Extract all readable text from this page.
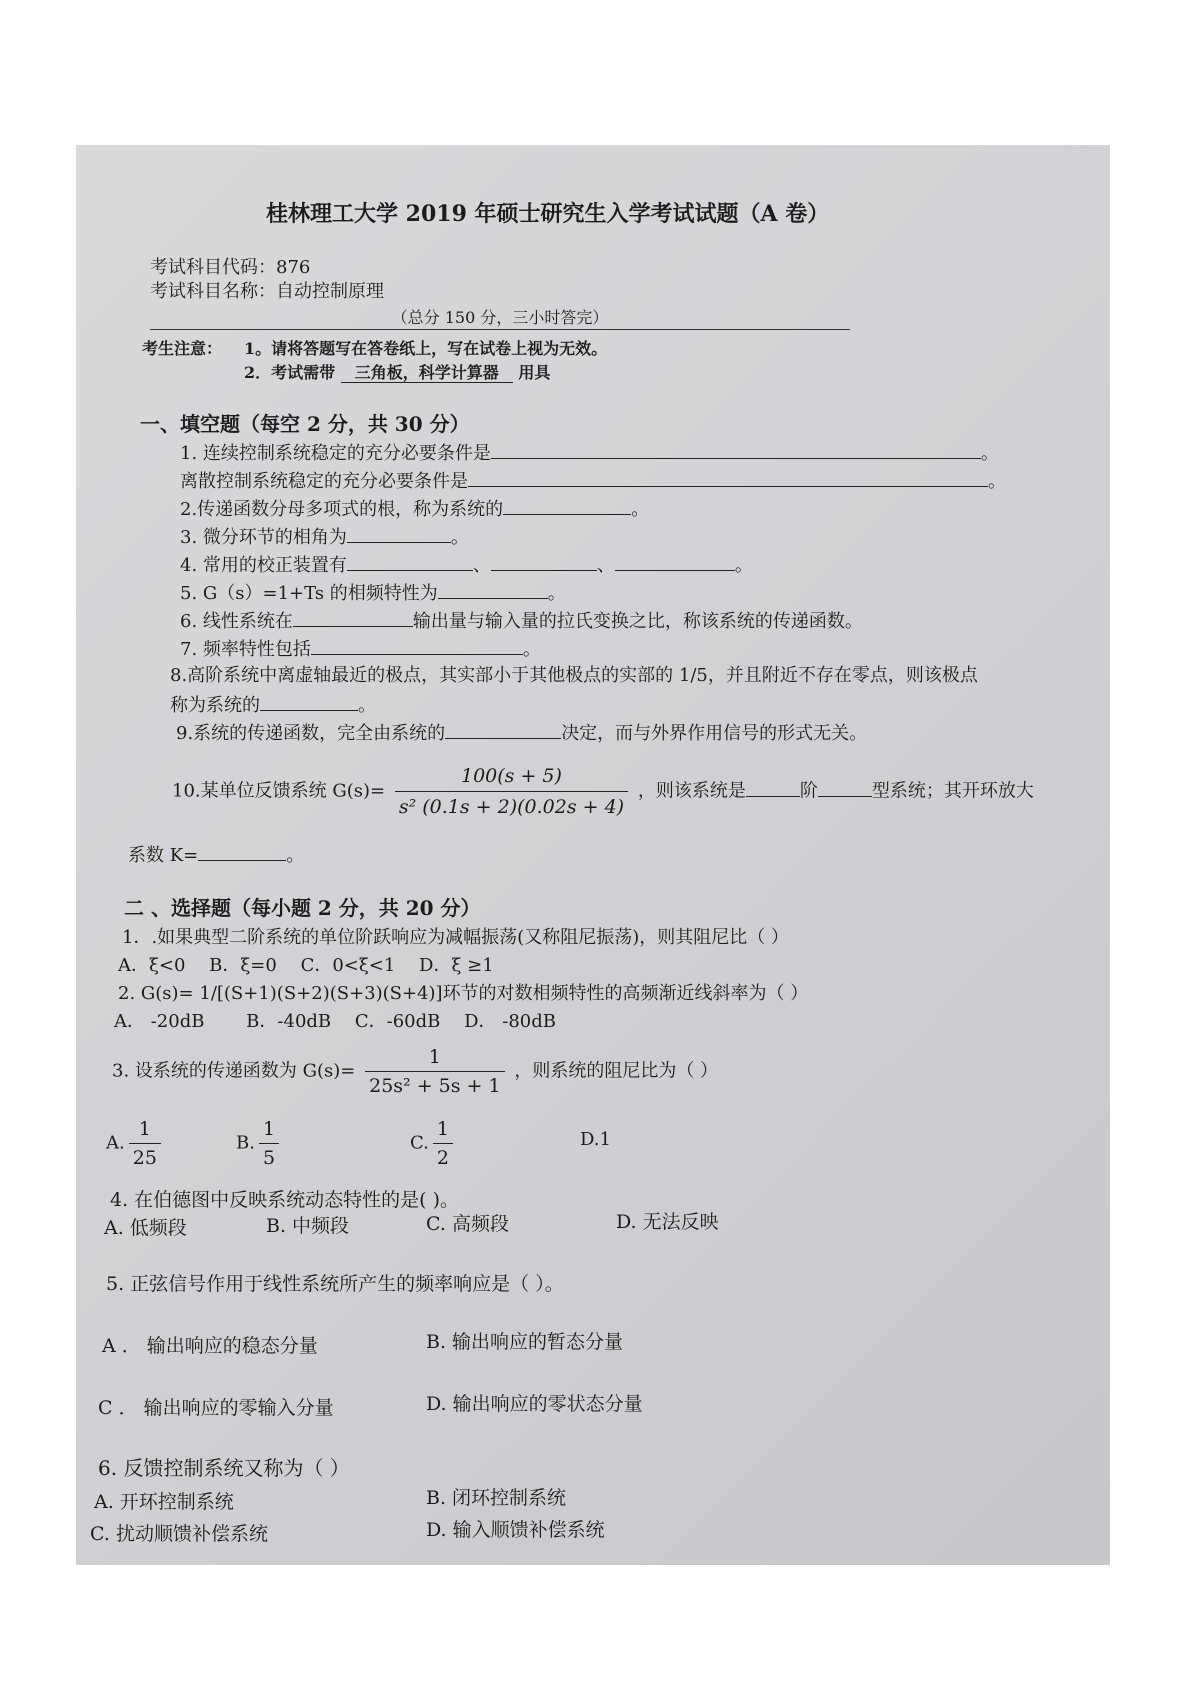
桂林理工大学 2019 年硕士研究生入学考试试题（A 卷）
考试科目代码：876
考试科目名称：自动控制原理
（总分 150 分，三小时答完）
考生注意： 1。请将答题写在答卷纸上，写在试卷上视为无效。
2．考试需带 三角板，科学计算器 用具
一、填空题（每空 2 分，共 30 分）
1. 连续控制系统稳定的充分必要条件是	。
离散控制系统稳定的充分必要条件是	。
2.传递函数分母多项式的根，称为系统的	。
3. 微分环节的相角为	。
4. 常用的校正装置有	、	、	。
5. G（s）=1+Ts 的相频特性为	。
6. 线性系统在	输出量与输入量的拉氏变换之比，称该系统的传递函数。
7. 频率特性包括	。
8.高阶系统中离虚轴最近的极点，其实部小于其他极点的实部的 1/5，并且附近不存在零点，则该极点
称为系统的	。
9.系统的传递函数，完全由系统的	决定，而与外界作用信号的形式无关。
10.某单位反馈系统 $G(s)= \frac{100(s + 5)}{\text{s² (0.1s + 2)(0.02s + 4)}}$ ，则该系统是	阶	型系统；其开环放大
系数 K=	。
二 、选择题（每小题 2 分，共 20 分）
1．.如果典型二阶系统的单位阶跃响应为减幅振荡(又称阻尼振荡)，则其阻尼比（ ）
A．ξ<0　 B．ξ=0　 C．0<ξ<1　 D．ξ ≥1
2. G(s)= 1/[(S+1)(S+2)(S+3)(S+4)]环节的对数相频特性的高频渐近线斜率为（ ）
A． -20dB　　 B．-40dB　 C．-60dB　 D． -80dB
3. 设系统的传递函数为 $G(s)= \frac{1}{\text{25s² + 5s + 1}}$ ，则系统的阻尼比为（ ）
A. $\frac{1}{25}$	B. $\frac{1}{5}$	C. $\frac{1}{2}$	D.1
4. 在伯德图中反映系统动态特性的是( )。
A. 低频段	B. 中频段	C. 高频段	D. 无法反映
5. 正弦信号作用于线性系统所产生的频率响应是（ ）。
A ． 输出响应的稳态分量	B. 输出响应的暂态分量
C ． 输出响应的零输入分量	D. 输出响应的零状态分量
6. 反馈控制系统又称为（ ）
A. 开环控制系统	B. 闭环控制系统
C. 扰动顺馈补偿系统	D. 输入顺馈补偿系统
